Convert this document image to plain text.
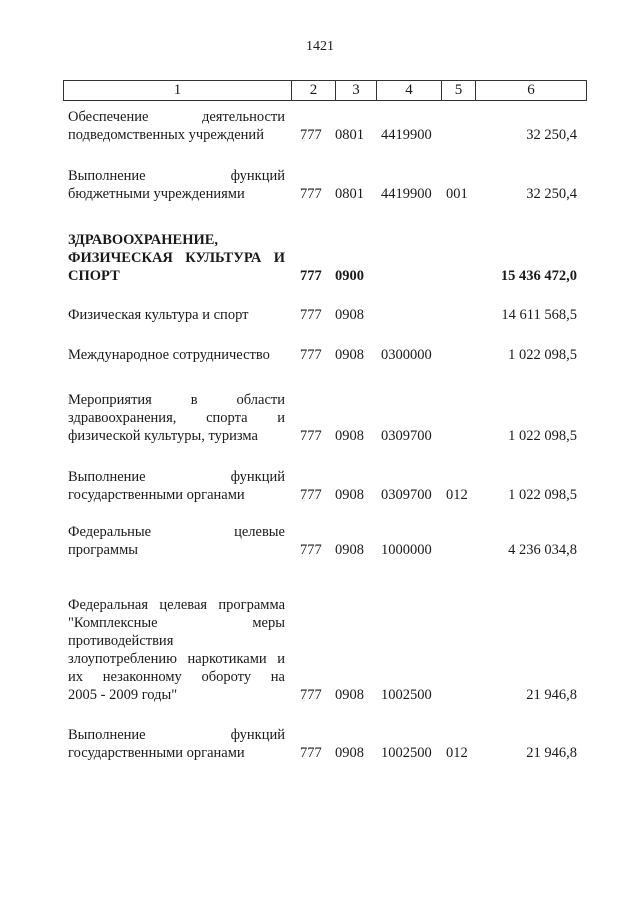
1421
1	2	3	4	5	6
Обеспечение деятельности
подведомственных учреждений	777 0801 4419900	32 250,4
Выполнение функций
бюджетными учреждениями	777 0801 4419900 001	32 250,4
ЗДРАВООХРАНЕНИЕ,
ФИЗИЧЕСКАЯ КУЛЬТУРА И
СПОРТ	777 0900	15 436 472,0
Физическая культура и спорт	777 0908	14 611 568,5
Международное сотрудничество	777 0908 0300000	1 022 098,5
Мероприятия в области
здравоохранения, спорта и
физической культуры, туризма	777 0908 0309700	1 022 098,5
Выполнение функций
государственными органами	777 0908 0309700 012	1 022 098,5
Федеральные целевые
программы	777 0908 1000000	4 236 034,8
Федеральная целевая программа
"Комплексные меры
противодействия
злоупотреблению наркотиками и
их незаконному обороту на
2005 - 2009 годы"	777 0908 1002500	21 946,8
Выполнение функций
государственными органами	777 0908 1002500 012	21 946,8
